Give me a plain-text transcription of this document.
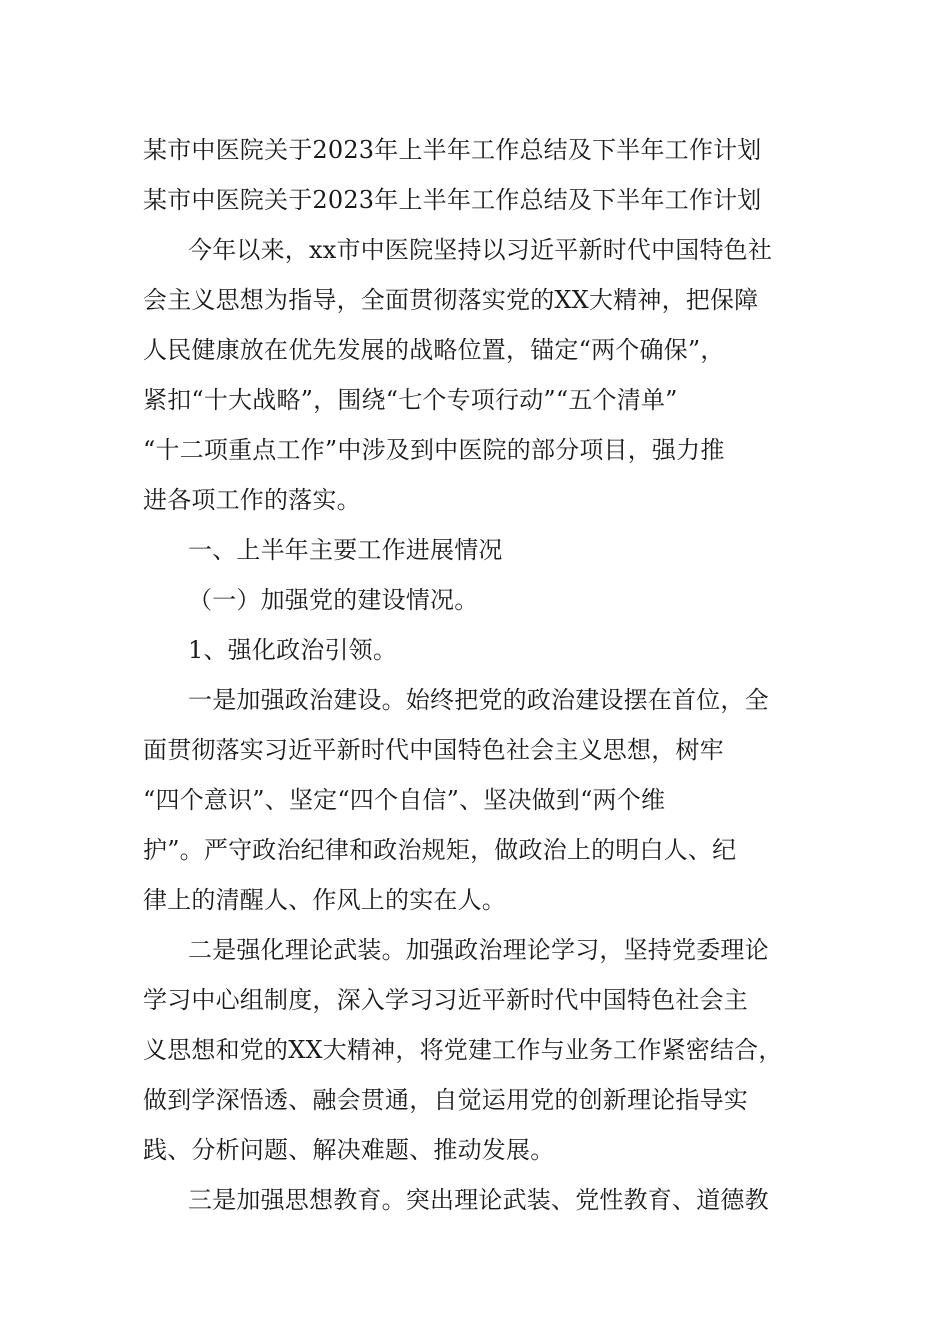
某市中医院关于2023年上半年工作总结及下半年工作计划
某市中医院关于2023年上半年工作总结及下半年工作计划
今年以来，xx市中医院坚持以习近平新时代中国特色社
会主义思想为指导，全面贯彻落实党的XX大精神，把保障
人民健康放在优先发展的战略位置，锚定“两个确保”，
紧扣“十大战略”，围绕“七个专项行动”“五个清单”
“十二项重点工作”中涉及到中医院的部分项目，强力推
进各项工作的落实。
一、上半年主要工作进展情况
（一）加强党的建设情况。
1、强化政治引领。
一是加强政治建设。始终把党的政治建设摆在首位，全
面贯彻落实习近平新时代中国特色社会主义思想，树牢
“四个意识”、坚定“四个自信”、坚决做到“两个维
护”。严守政治纪律和政治规矩，做政治上的明白人、纪
律上的清醒人、作风上的实在人。
二是强化理论武装。加强政治理论学习，坚持党委理论
学习中心组制度，深入学习习近平新时代中国特色社会主
义思想和党的XX大精神，将党建工作与业务工作紧密结合，
做到学深悟透、融会贯通，自觉运用党的创新理论指导实
践、分析问题、解决难题、推动发展。
三是加强思想教育。突出理论武装、党性教育、道德教
